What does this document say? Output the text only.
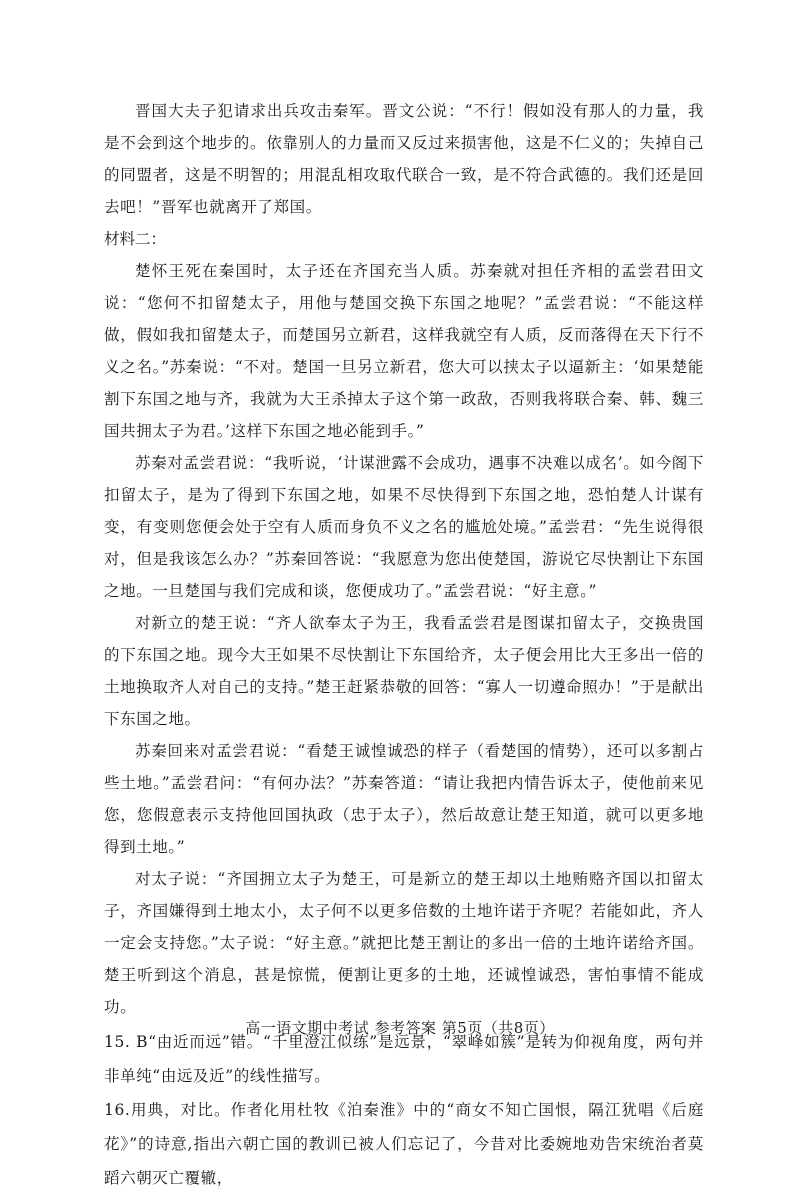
晋国大夫子犯请求出兵攻击秦军。晋文公说：“不行！假如没有那人的力量，我是不会到这个地步的。依靠别人的力量而又反过来损害他，这是不仁义的；失掉自己的同盟者，这是不明智的；用混乱相攻取代联合一致，是不符合武德的。我们还是回去吧！”晋军也就离开了郑国。

材料二：

楚怀王死在秦国时，太子还在齐国充当人质。苏秦就对担任齐相的孟尝君田文说：“您何不扣留楚太子，用他与楚国交换下东国之地呢？”孟尝君说：“不能这样做，假如我扣留楚太子，而楚国另立新君，这样我就空有人质，反而落得在天下行不义之名。”苏秦说：“不对。楚国一旦另立新君，您大可以挟太子以逼新主：‘如果楚能割下东国之地与齐，我就为大王杀掉太子这个第一政敌，否则我将联合秦、韩、魏三国共拥太子为君。’这样下东国之地必能到手。”

苏秦对孟尝君说：“我听说，‘计谋泄露不会成功，遇事不决难以成名’。如今阁下扣留太子，是为了得到下东国之地，如果不尽快得到下东国之地，恐怕楚人计谋有变，有变则您便会处于空有人质而身负不义之名的尴尬处境。”孟尝君：“先生说得很对，但是我该怎么办？”苏秦回答说：“我愿意为您出使楚国，游说它尽快割让下东国之地。一旦楚国与我们完成和谈，您便成功了。”孟尝君说：“好主意。”

对新立的楚王说：“齐人欲奉太子为王，我看孟尝君是图谋扣留太子，交换贵国的下东国之地。现今大王如果不尽快割让下东国给齐，太子便会用比大王多出一倍的土地换取齐人对自己的支持。”楚王赶紧恭敬的回答：“寡人一切遵命照办！”于是献出下东国之地。

苏秦回来对孟尝君说：“看楚王诚惶诚恐的样子（看楚国的情势），还可以多割占些土地。”孟尝君问：“有何办法？”苏秦答道：“请让我把内情告诉太子，使他前来见您，您假意表示支持他回国执政（忠于太子），然后故意让楚王知道，就可以更多地得到土地。”

对太子说：“齐国拥立太子为楚王，可是新立的楚王却以土地贿赂齐国以扣留太子，齐国嫌得到土地太小，太子何不以更多倍数的土地许诺于齐呢？若能如此，齐人一定会支持您。”太子说：“好主意。”就把比楚王割让的多出一倍的土地许诺给齐国。楚王听到这个消息，甚是惊慌，便割让更多的土地，还诚惶诚恐，害怕事情不能成功。

15. B“由近而远”错。“千里澄江似练”是远景，“翠峰如簇”是转为仰视角度，两句并非单纯“由远及近”的线性描写。

16.用典，对比。作者化用杜牧《泊秦淮》中的“商女不知亡国恨，隔江犹唱《后庭花》”的诗意,指出六朝亡国的教训已被人们忘记了，今昔对比委婉地劝告宋统治者莫蹈六朝灭亡覆辙，

高一语文期中考试 参考答案 第5页（共8页）
